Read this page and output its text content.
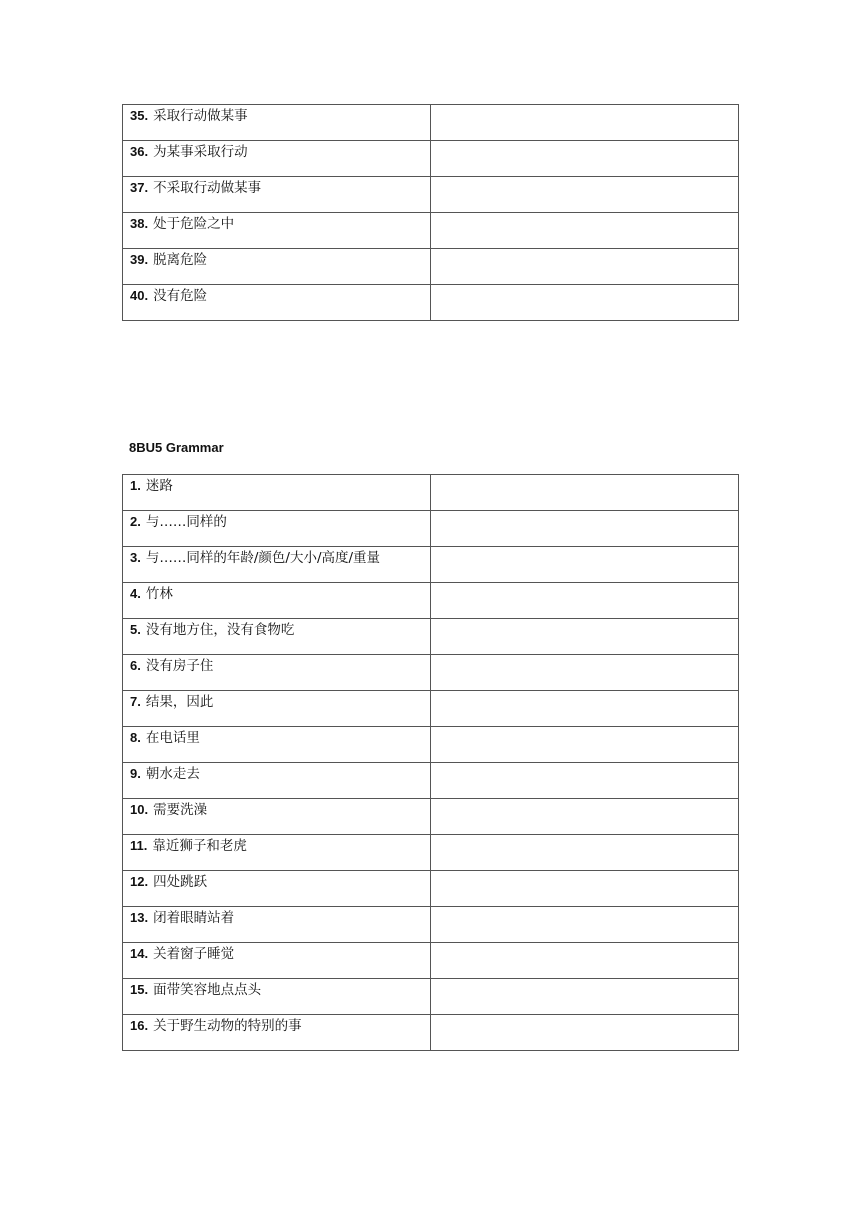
35. 采取行动做某事	

36. 为某事采取行动	

37. 不采取行动做某事	

38. 处于危险之中	

39. 脱离危险	

40. 没有危险	

8BU5 Grammar
1. 迷路	

2. 与……同样的	

3. 与……同样的年龄/颜色/大小/高度/重量	

4. 竹林	

5. 没有地方住，没有食物吃	

6. 没有房子住	

7. 结果，因此	

8. 在电话里	

9. 朝水走去	

10. 需要洗澡	

11. 靠近狮子和老虎	

12. 四处跳跃	

13. 闭着眼睛站着	

14. 关着窗子睡觉	

15. 面带笑容地点点头	

16. 关于野生动物的特别的事	
